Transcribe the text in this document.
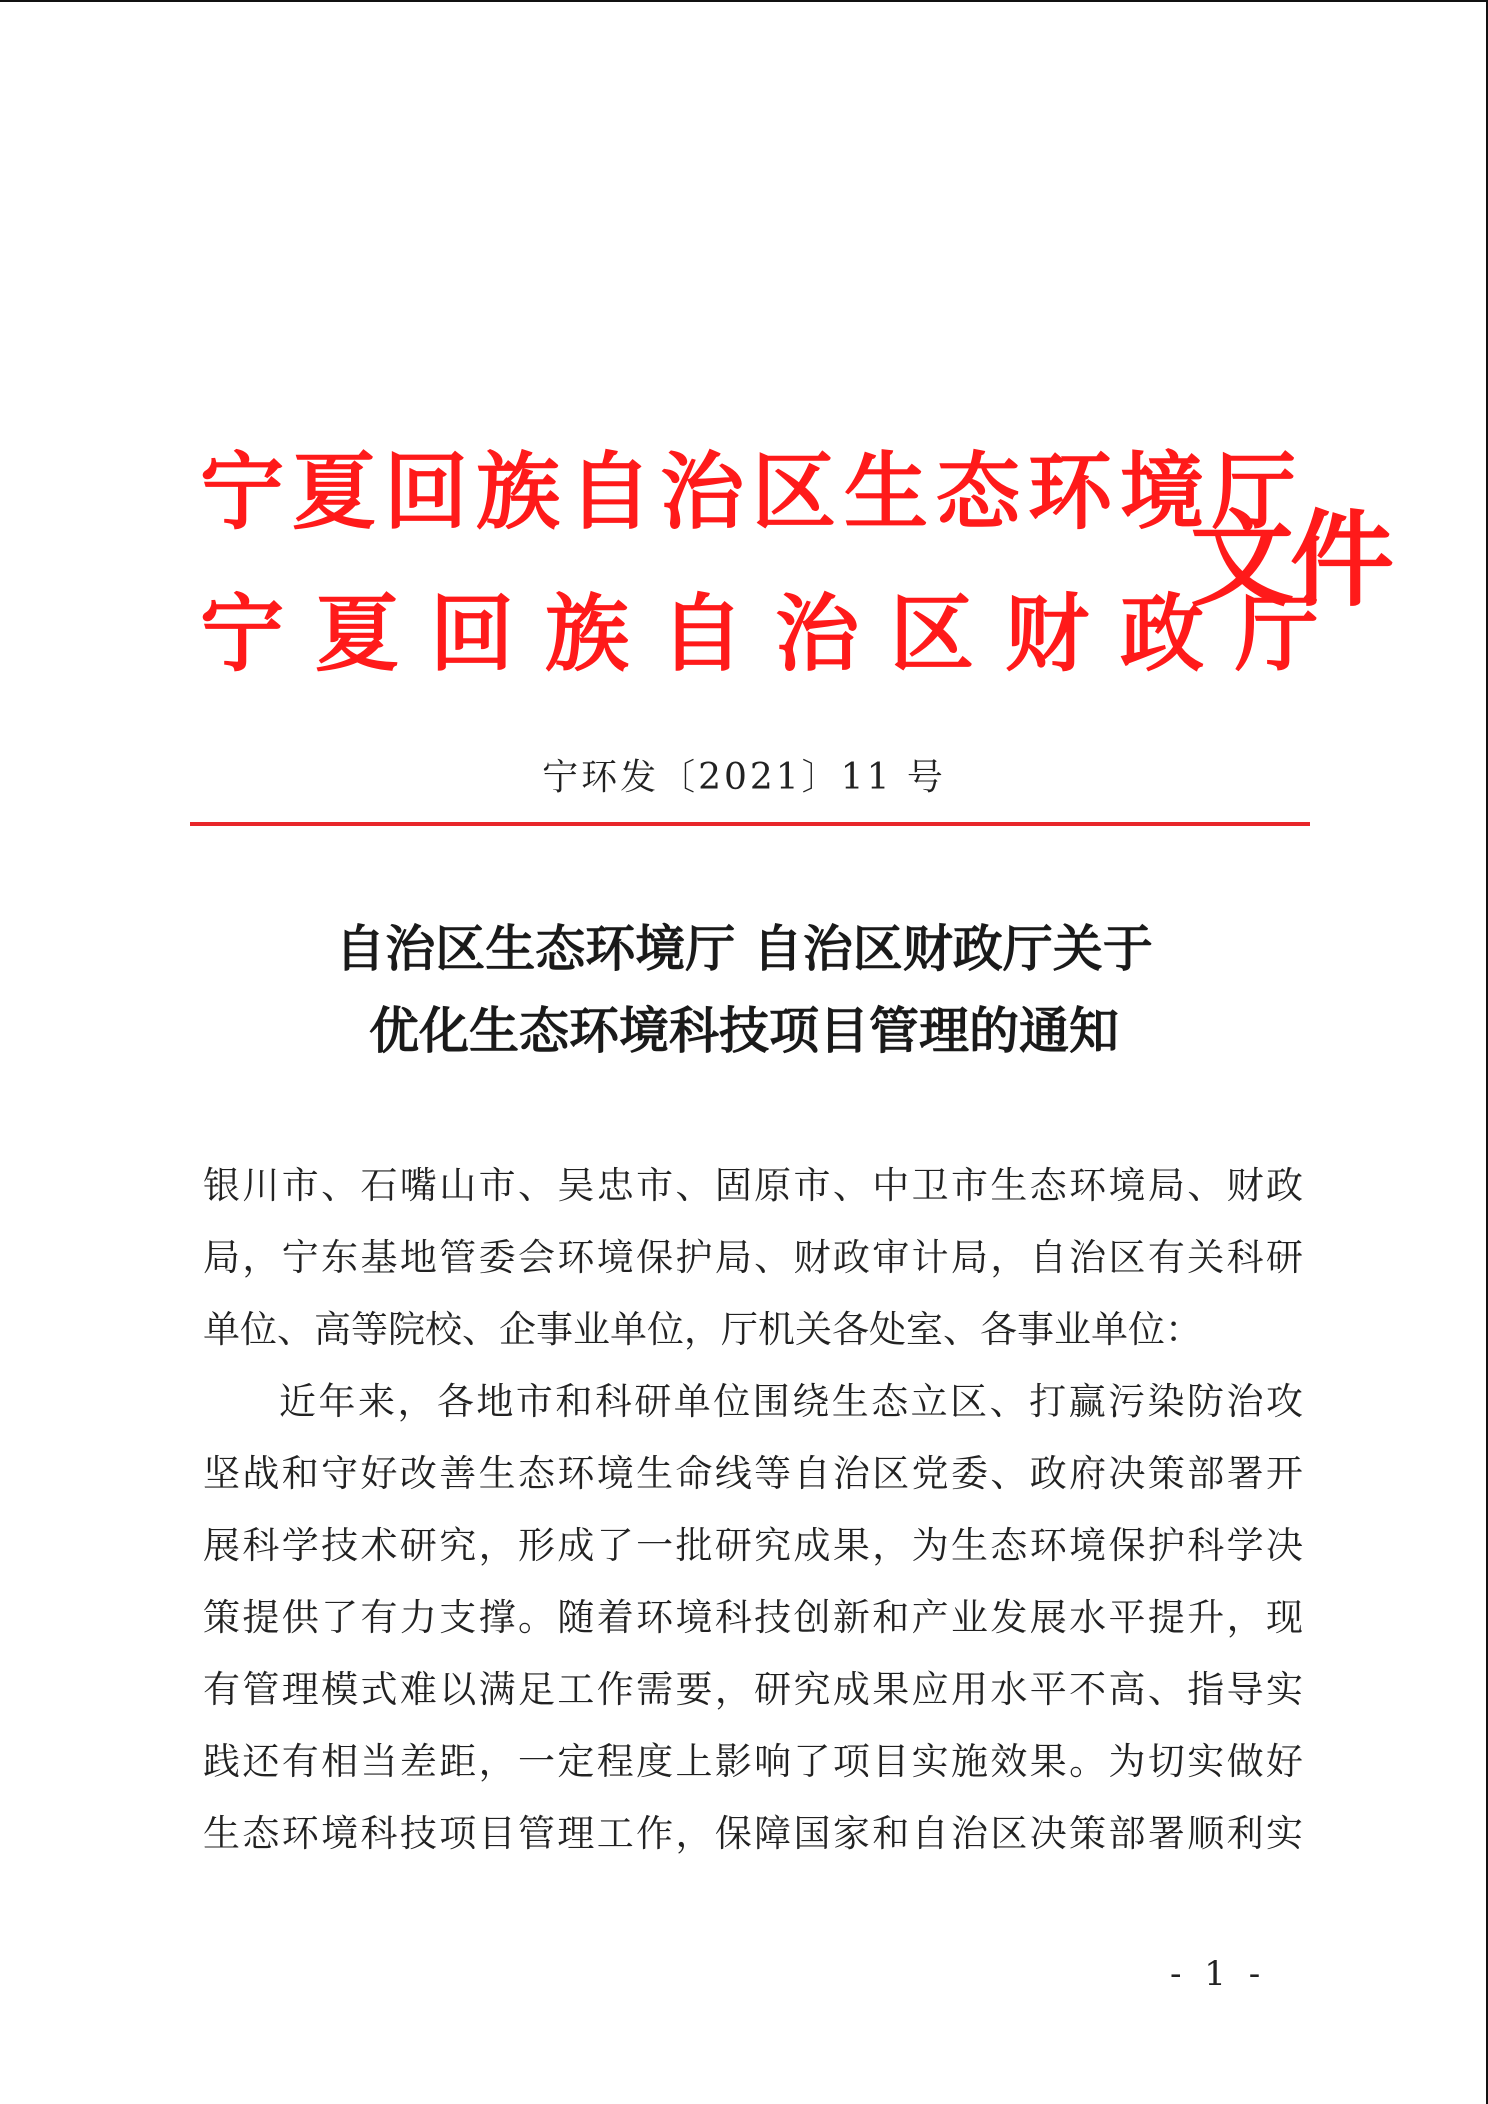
宁夏回族自治区生态环境厅
宁夏回族自治区财政厅
文件
宁环发〔2021〕11 号
自治区生态环境厅 自治区财政厅关于
优化生态环境科技项目管理的通知
银川市、石嘴山市、吴忠市、固原市、中卫市生态环境局、财政
局，宁东基地管委会环境保护局、财政审计局，自治区有关科研
单位、高等院校、企事业单位，厅机关各处室、各事业单位：
近年来，各地市和科研单位围绕生态立区、打赢污染防治攻
坚战和守好改善生态环境生命线等自治区党委、政府决策部署开
展科学技术研究，形成了一批研究成果，为生态环境保护科学决
策提供了有力支撑。随着环境科技创新和产业发展水平提升，现
有管理模式难以满足工作需要，研究成果应用水平不高、指导实
践还有相当差距，一定程度上影响了项目实施效果。为切实做好
生态环境科技项目管理工作，保障国家和自治区决策部署顺利实
- 1 -
